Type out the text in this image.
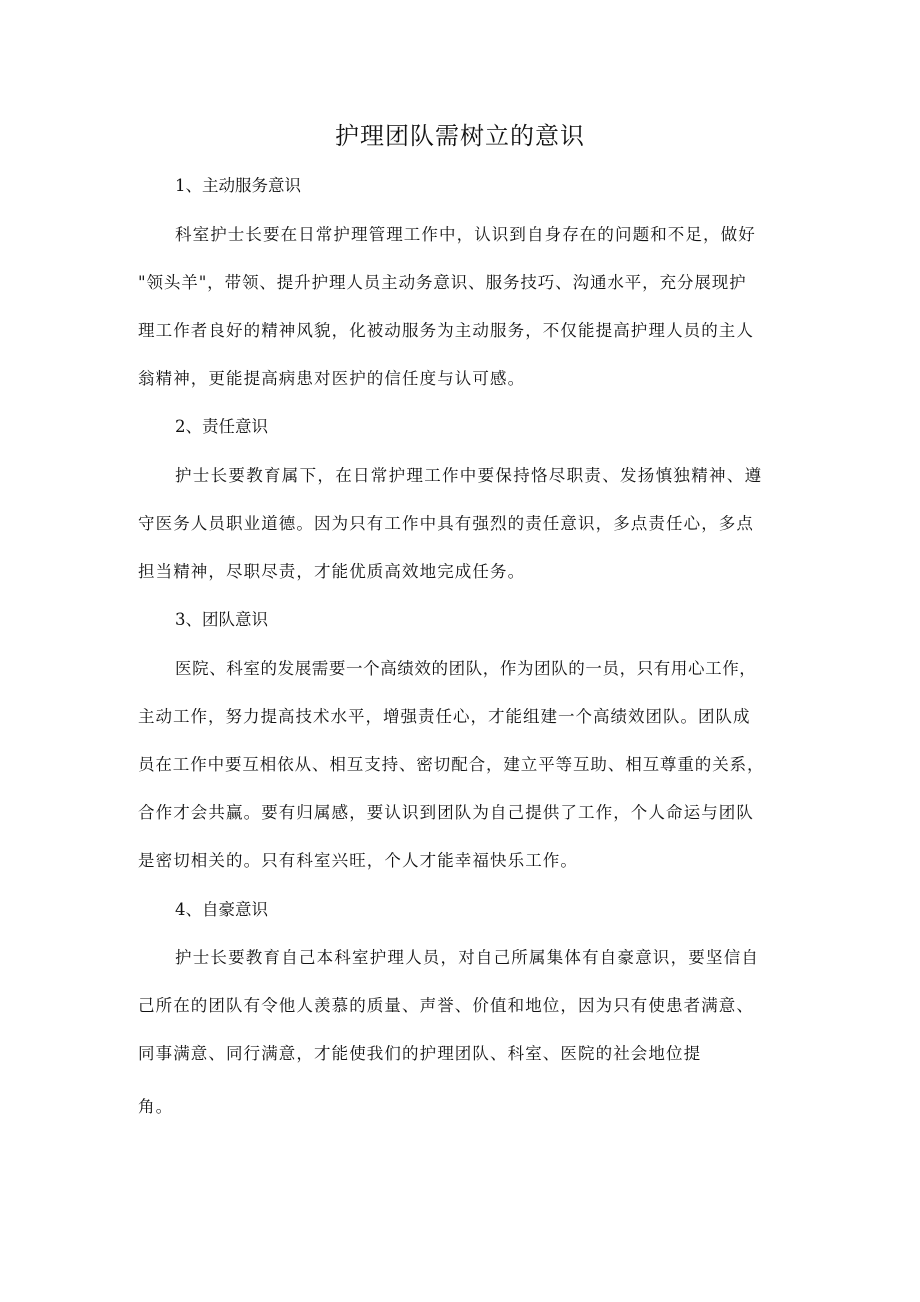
护理团队需树立的意识
1、主动服务意识
科室护士长要在日常护理管理工作中，认识到自身存在的问题和不足，做好
"领头羊"，带领、提升护理人员主动务意识、服务技巧、沟通水平，充分展现护
理工作者良好的精神风貌，化被动服务为主动服务，不仅能提高护理人员的主人
翁精神，更能提高病患对医护的信任度与认可感。
2、责任意识
护士长要教育属下，在日常护理工作中要保持恪尽职责、发扬慎独精神、遵
守医务人员职业道德。因为只有工作中具有强烈的责任意识，多点责任心，多点
担当精神，尽职尽责，才能优质高效地完成任务。
3、团队意识
医院、科室的发展需要一个高绩效的团队，作为团队的一员，只有用心工作，
主动工作，努力提高技术水平，增强责任心，才能组建一个高绩效团队。团队成
员在工作中要互相依从、相互支持、密切配合，建立平等互助、相互尊重的关系，
合作才会共赢。要有归属感，要认识到团队为自己提供了工作，个人命运与团队
是密切相关的。只有科室兴旺，个人才能幸福快乐工作。
4、自豪意识
护士长要教育自己本科室护理人员，对自己所属集体有自豪意识，要坚信自
己所在的团队有令他人羡慕的质量、声誉、价值和地位，因为只有使患者满意、
同事满意、同行满意，才能使我们的护理团队、科室、医院的社会地位提
角。
